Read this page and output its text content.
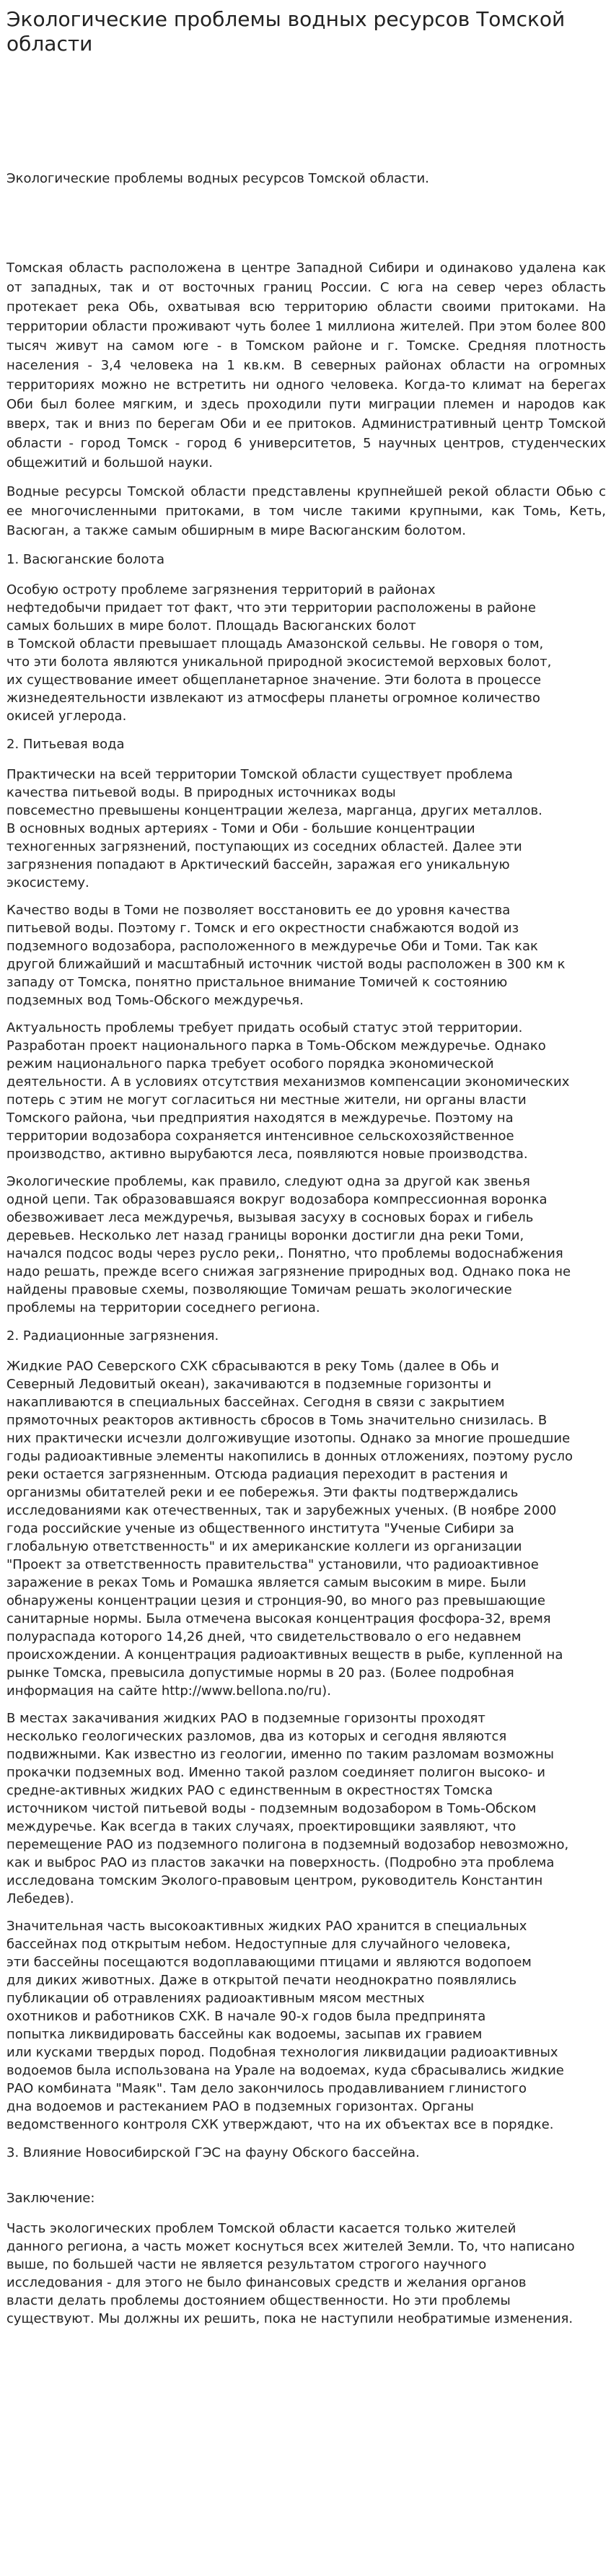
Экологические проблемы водных ресурсов Томской области
Экологические проблемы водных ресурсов Томской области.

Томская область расположена в центре Западной Сибири и одинаково удалена как от западных, так и от восточных границ России. С юга на север через область протекает река Обь, охватывая всю территорию области своими притоками. На территории области проживают чуть более 1 миллиона жителей. При этом более 800 тысяч живут на самом юге - в Томском районе и г. Томске. Средняя плотность населения - 3,4 человека на 1 кв.км. В северных районах области на огромных территориях можно не встретить ни одного человека. Когда-то климат на берегах Оби был более мягким, и здесь проходили пути миграции племен и народов как вверх, так и вниз по берегам Оби и ее притоков. Административный центр Томской области - город Томск - город 6 университетов, 5 научных центров, студенческих общежитий и большой науки.

Водные ресурсы Томской области представлены крупнейшей рекой области Обью с ее многочисленными притоками, в том числе такими крупными, как Томь, Кеть, Васюган, а также самым обширным в мире Васюганским болотом.

1. Васюганские болота

Особую остроту проблеме загрязнения территорий в районах
нефтедобычи придает тот факт, что эти территории расположены в районе
самых больших в мире болот. Площадь Васюганских болот
в Томской области превышает площадь Амазонской сельвы. Не говоря о том,
что эти болота являются уникальной природной экосистемой верховых болот,
их существование имеет общепланетарное значение. Эти болота в процессе
жизнедеятельности извлекают из атмосферы планеты огромное количество
окисей углерода.

2. Питьевая вода

Практически на всей территории Томской области существует проблема
качества питьевой воды. В природных источниках воды
повсеместно превышены концентрации железа, марганца, других металлов.
В основных водных артериях - Томи и Оби - большие концентрации
техногенных загрязнений, поступающих из соседних областей. Далее эти
загрязнения попадают в Арктический бассейн, заражая его уникальную
экосистему.

Качество воды в Томи не позволяет восстановить ее до уровня качества
питьевой воды. Поэтому г. Томск и его окрестности снабжаются водой из
подземного водозабора, расположенного в междуречье Оби и Томи. Так как
другой ближайший и масштабный источник чистой воды расположен в 300 км к
западу от Томска, понятно пристальное внимание Томичей к состоянию
подземных вод Томь-Обского междуречья.

Актуальность проблемы требует придать особый статус этой территории.
Разработан проект национального парка в Томь-Обском междуречье. Однако
режим национального парка требует особого порядка экономической
деятельности. А в условиях отсутствия механизмов компенсации экономических
потерь с этим не могут согласиться ни местные жители, ни органы власти
Томского района, чьи предприятия находятся в междуречье. Поэтому на
территории водозабора сохраняется интенсивное сельскохозяйственное
производство, активно вырубаются леса, появляются новые производства.

Экологические проблемы, как правило, следуют одна за другой как звенья
одной цепи. Так образовавшаяся вокруг водозабора компрессионная воронка
обезвоживает леса междуречья, вызывая засуху в сосновых борах и гибель
деревьев. Несколько лет назад границы воронки достигли дна реки Томи,
начался подсос воды через русло реки,. Понятно, что проблемы водоснабжения
надо решать, прежде всего снижая загрязнение природных вод. Однако пока не
найдены правовые схемы, позволяющие Томичам решать экологические
проблемы на территории соседнего региона.

2. Радиационные загрязнения.

Жидкие РАО Северского СХК сбрасываются в реку Томь (далее в Обь и
Северный Ледовитый океан), закачиваются в подземные горизонты и
накапливаются в специальных бассейнах. Сегодня в связи с закрытием
прямоточных реакторов активность сбросов в Томь значительно снизилась. В
них практически исчезли долгоживущие изотопы. Однако за многие прошедшие
годы радиоактивные элементы накопились в донных отложениях, поэтому русло
реки остается загрязненным. Отсюда радиация переходит в растения и
организмы обитателей реки и ее побережья. Эти факты подтверждались
исследованиями как отечественных, так и зарубежных ученых. (В ноябре 2000
года российские ученые из общественного института "Ученые Сибири за
глобальную ответственность" и их американские коллеги из организации
"Проект за ответственность правительства" установили, что радиоактивное
заражение в реках Томь и Ромашка является самым высоким в мире. Были
обнаружены концентрации цезия и стронция-90, во много раз превышающие
санитарные нормы. Была отмечена высокая концентрация фосфора-32, время
полураспада которого 14,26 дней, что свидетельствовало о его недавнем
происхождении. А концентрация радиоактивных веществ в рыбе, купленной на
рынке Томска, превысила допустимые нормы в 20 раз. (Более подробная
информация на сайте http://www.bellona.no/ru).

В местах закачивания жидких РАО в подземные горизонты проходят
несколько геологических разломов, два из которых и сегодня являются
подвижными. Как известно из геологии, именно по таким разломам возможны
прокачки подземных вод. Именно такой разлом соединяет полигон высоко- и
средне-активных жидких РАО с единственным в окрестностях Томска
источником чистой питьевой воды - подземным водозабором в Томь-Обском
междуречье. Как всегда в таких случаях, проектировщики заявляют, что
перемещение РАО из подземного полигона в подземный водозабор невозможно,
как и выброс РАО из пластов закачки на поверхность. (Подробно эта проблема
исследована томским Эколого-правовым центром, руководитель Константин
Лебедев).

Значительная часть высокоактивных жидких РАО хранится в специальных
бассейнах под открытым небом. Недоступные для случайного человека,
эти бассейны посещаются водоплавающими птицами и являются водопоем
для диких животных. Даже в открытой печати неоднократно появлялись
публикации об отравлениях радиоактивным мясом местных
охотников и работников СХК. В начале 90-х годов была предпринята
попытка ликвидировать бассейны как водоемы, засыпав их гравием
или кусками твердых пород. Подобная технология ликвидации радиоактивных
водоемов была использована на Урале на водоемах, куда сбрасывались жидкие
РАО комбината "Маяк". Там дело закончилось продавливанием глинистого
дна водоемов и растеканием РАО в подземных горизонтах. Органы
ведомственного контроля СХК утверждают, что на их объектах все в порядке.

3. Влияние Новосибирской ГЭС на фауну Обского бассейна.

Заключение:

Часть экологических проблем Томской области касается только жителей
данного региона, а часть может коснуться всех жителей Земли. То, что написано
выше, по большей части не является результатом строгого научного
исследования - для этого не было финансовых средств и желания органов
власти делать проблемы достоянием общественности. Но эти проблемы
существуют. Мы должны их решить, пока не наступили необратимые изменения.
